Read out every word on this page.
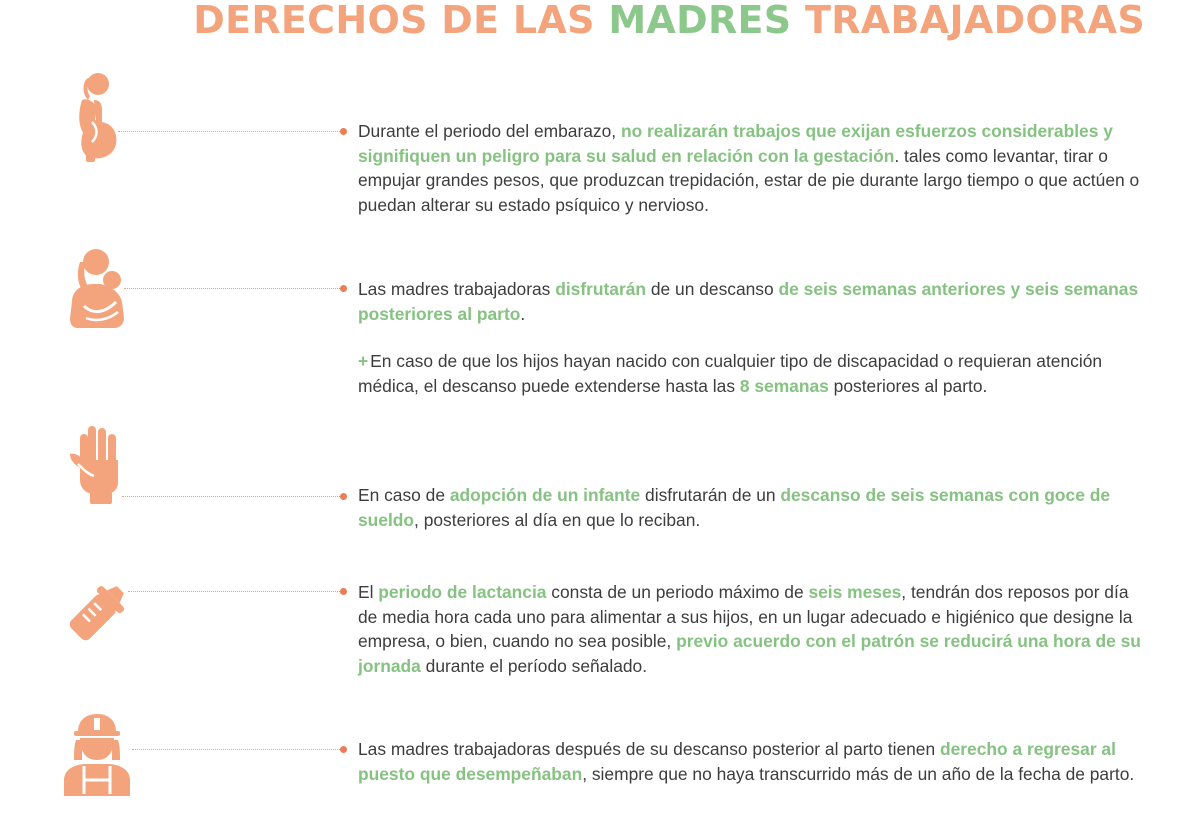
DERECHOS DE LAS MADRES TRABAJADORAS

Durante el periodo del embarazo, no realizarán trabajos que exijan esfuerzos considerables y signifiquen un peligro para su salud en relación con la gestación. tales como levantar, tirar o empujar grandes pesos, que produzcan trepidación, estar de pie durante largo tiempo o que actúen o puedan alterar su estado psíquico y nervioso.

Las madres trabajadoras disfrutarán de un descanso de seis semanas anteriores y seis semanas posteriores al parto.

+ En caso de que los hijos hayan nacido con cualquier tipo de discapacidad o requieran atención médica, el descanso puede extenderse hasta las 8 semanas posteriores al parto.

En caso de adopción de un infante disfrutarán de un descanso de seis semanas con goce de sueldo, posteriores al día en que lo reciban.

El periodo de lactancia consta de un periodo máximo de seis meses, tendrán dos reposos por día de media hora cada uno para alimentar a sus hijos, en un lugar adecuado e higiénico que designe la empresa, o bien, cuando no sea posible, previo acuerdo con el patrón se reducirá una hora de su jornada durante el período señalado.

Las madres trabajadoras después de su descanso posterior al parto tienen derecho a regresar al puesto que desempeñaban, siempre que no haya transcurrido más de un año de la fecha de parto.
